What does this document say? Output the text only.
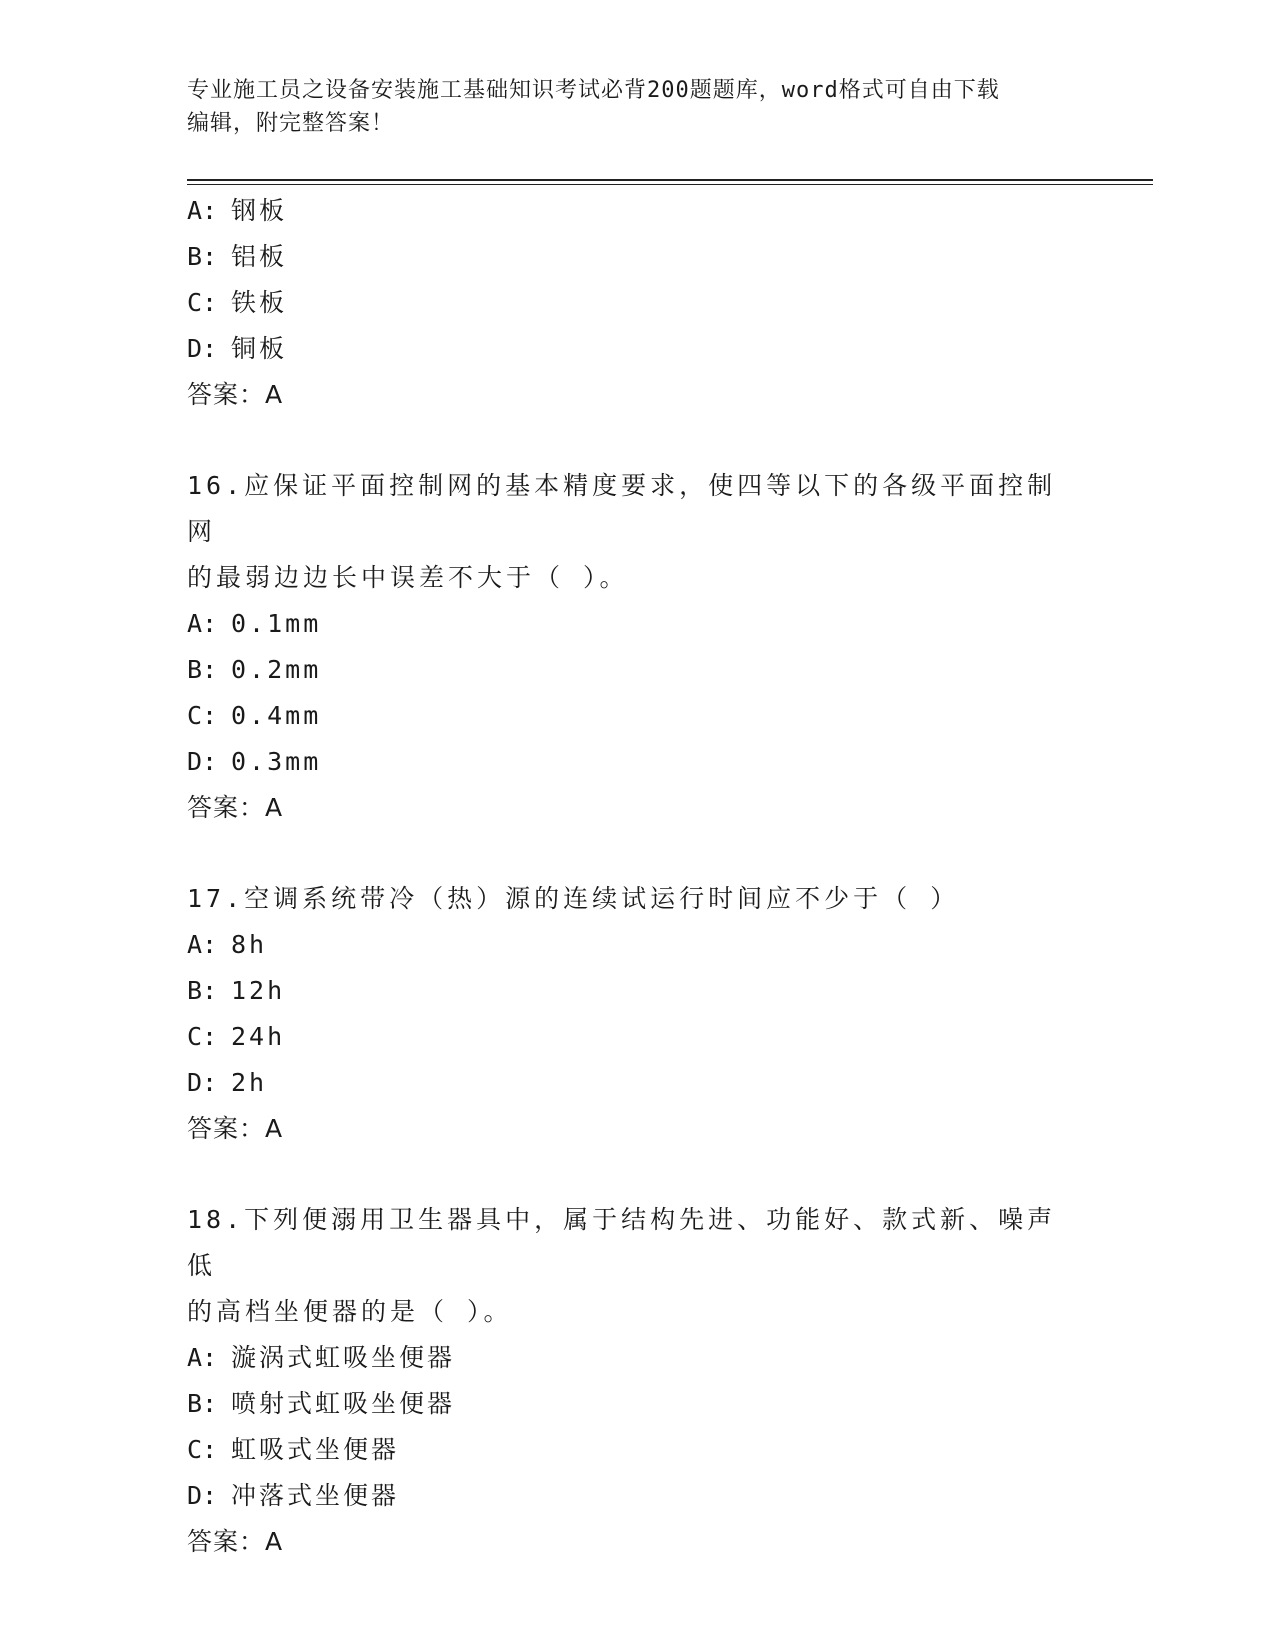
专业施工员之设备安装施工基础知识考试必背200题题库，word格式可自由下载
编辑，附完整答案！
A: 钢板
B: 铝板
C: 铁板
D: 铜板
答案：A
16.应保证平面控制网的基本精度要求，使四等以下的各级平面控制网
的最弱边边长中误差不大于（ ）。
A: 0.1mm
B: 0.2mm
C: 0.4mm
D: 0.3mm
答案：A
17.空调系统带冷（热）源的连续试运行时间应不少于（ ）
A: 8h
B: 12h
C: 24h
D: 2h
答案：A
18.下列便溺用卫生器具中，属于结构先进、功能好、款式新、噪声低
的高档坐便器的是（ ）。
A: 漩涡式虹吸坐便器
B: 喷射式虹吸坐便器
C: 虹吸式坐便器
D: 冲落式坐便器
答案：A
